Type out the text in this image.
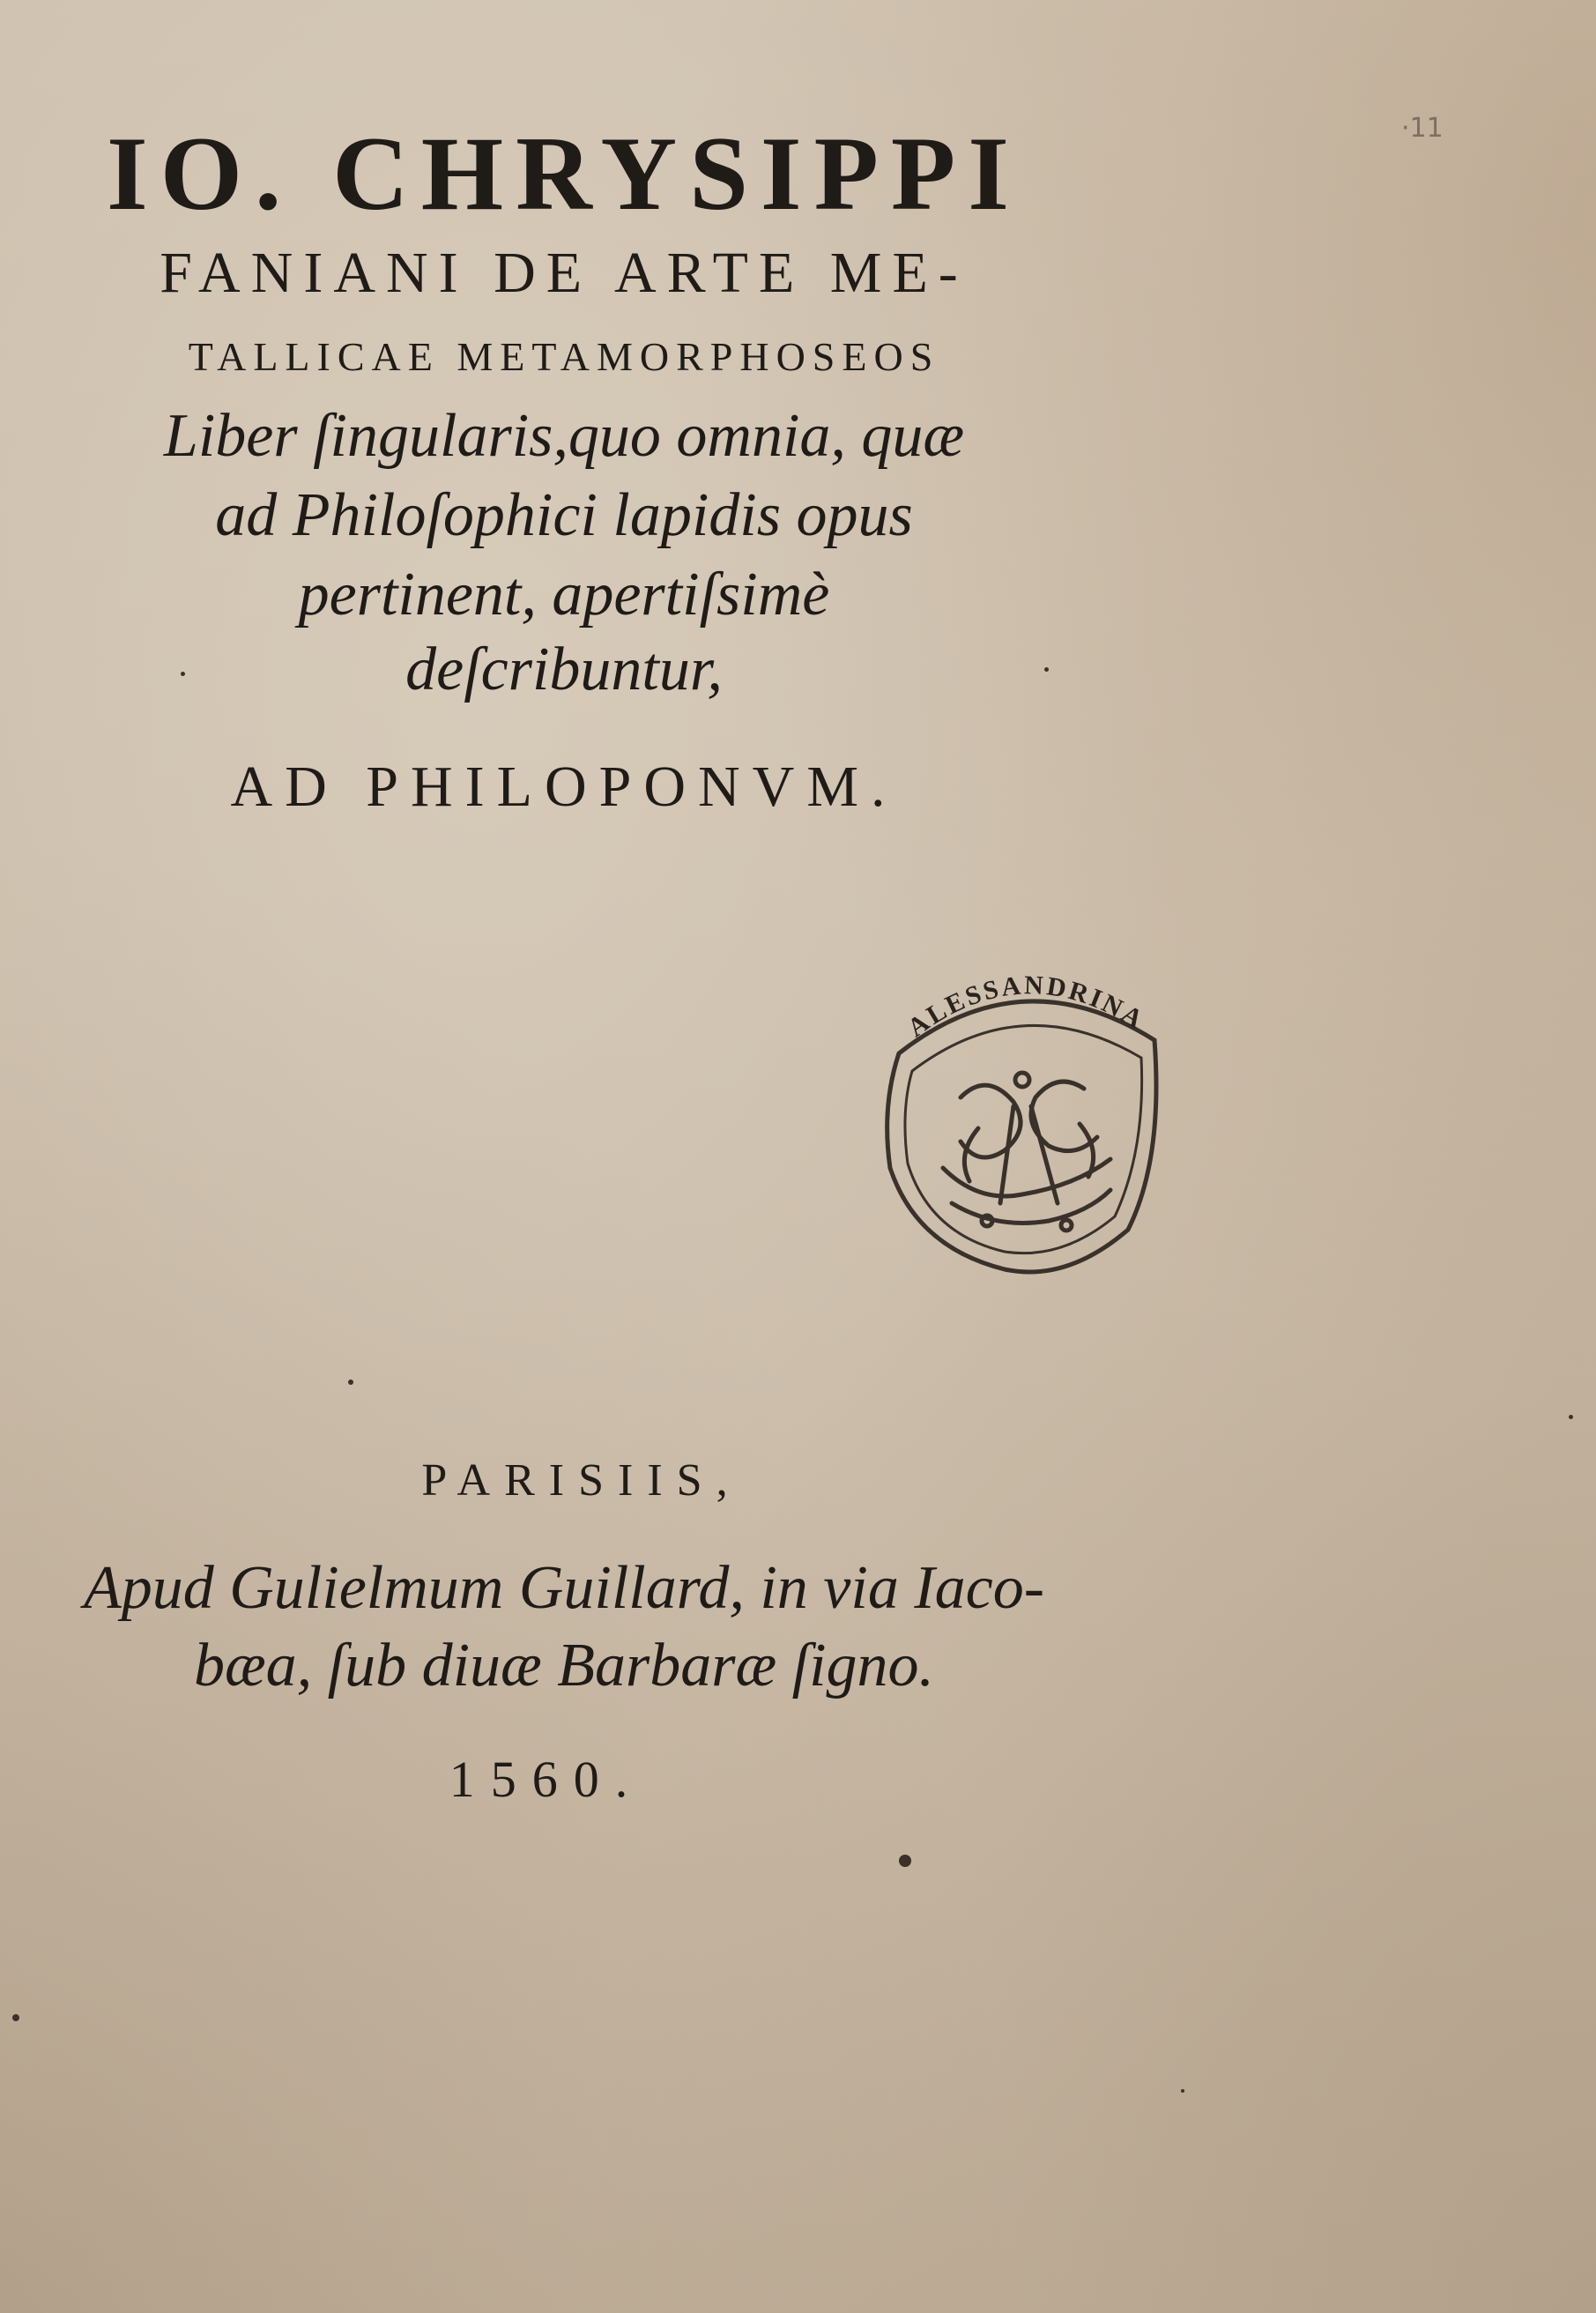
·11
IO. CHRYSIPPI
FANIANI DE ARTE ME-
TALLICAE METAMORPHOSEOS
Liber ſingularis,quo omnia, quæ
ad Philoſophici lapidis opus
pertinent, apertiſsimè
deſcribuntur,
AD PHILOPONVM.
ALESSANDRINA
PARISIIS,
Apud Gulielmum Guillard, in via Iaco-
bæa, ſub diuæ Barbaræ ſigno.
1560.
